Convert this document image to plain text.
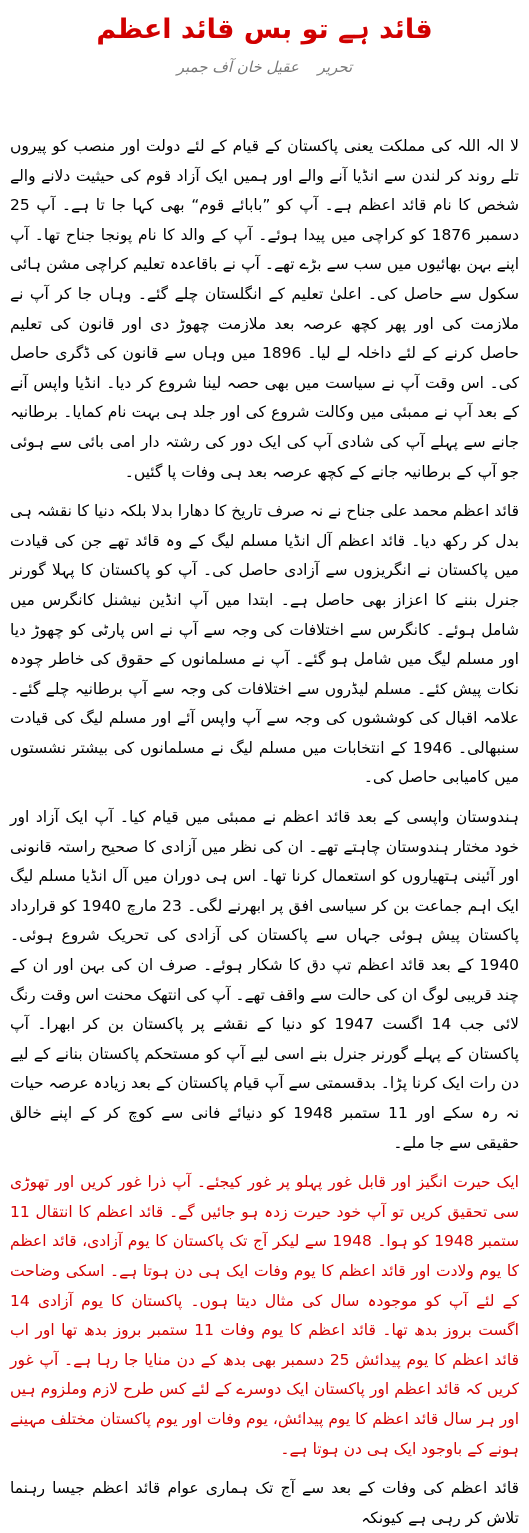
قائد ہے تو بس قائد اعظم
تحریر عقیل خان آف جمبر

لا الہ اللہ کی مملکت یعنی پاکستان کے قیام کے لئے دولت اور منصب کو پیروں تلے روند کر لندن سے انڈیا آنے والے اور ہمیں ایک آزاد قوم کی حیثیت دلانے والے شخص کا نام قائد اعظم ہے۔ آپ کو ”بابائے قوم“ بھی کہا جا تا ہے۔ آپ 25 دسمبر 1876 کو کراچی میں پیدا ہوئے۔ آپ کے والد کا نام پونجا جناح تھا۔ آپ اپنے بہن بھائیوں میں سب سے بڑے تھے۔ آپ نے باقاعدہ تعلیم کراچی مشن ہائی سکول سے حاصل کی۔ اعلیٰ تعلیم کے انگلستان چلے گئے۔ وہاں جا کر آپ نے ملازمت کی اور پھر کچھ عرصہ بعد ملازمت چھوڑ دی اور قانون کی تعلیم حاصل کرنے کے لئے داخلہ لے لیا۔ 1896 میں وہاں سے قانون کی ڈگری حاصل کی۔ اس وقت آپ نے سیاست میں بھی حصہ لینا شروع کر دیا۔ انڈیا واپس آنے کے بعد آپ نے ممبئی میں وکالت شروع کی اور جلد ہی بہت نام کمایا۔ برطانیہ جانے سے پہلے آپ کی شادی آپ کی ایک دور کی رشتہ دار امی بائی سے ہوئی جو آپ کے برطانیہ جانے کے کچھ عرصہ بعد ہی وفات پا گئیں۔

قائد اعظم محمد علی جناح نے نہ صرف تاریخ کا دھارا بدلا بلکہ دنیا کا نقشہ ہی بدل کر رکھ دیا۔ قائد اعظم آل انڈیا مسلم لیگ کے وہ قائد تھے جن کی قیادت میں پاکستان نے انگریزوں سے آزادی حاصل کی۔ آپ کو پاکستان کا پہلا گورنر جنرل بننے کا اعزاز بھی حاصل ہے۔ ابتدا میں آپ انڈین نیشنل کانگرس میں شامل ہوئے۔ کانگرس سے اختلافات کی وجہ سے آپ نے اس پارٹی کو چھوڑ دیا اور مسلم لیگ میں شامل ہو گئے۔ آپ نے مسلمانوں کے حقوق کی خاطر چودہ نکات پیش کئے۔ مسلم لیڈروں سے اختلافات کی وجہ سے آپ برطانیہ چلے گئے۔ علامہ اقبال کی کوششوں کی وجہ سے آپ واپس آئے اور مسلم لیگ کی قیادت سنبھالی۔ 1946 کے انتخابات میں مسلم لیگ نے مسلمانوں کی بیشتر نشستوں میں کامیابی حاصل کی۔

ہندوستان واپسی کے بعد قائد اعظم نے ممبئی میں قیام کیا۔ آپ ایک آزاد اور خود مختار ہندوستان چاہتے تھے۔ ان کی نظر میں آزادی کا صحیح راستہ قانونی اور آئینی ہتھیاروں کو استعمال کرنا تھا۔ اس ہی دوران میں آل انڈیا مسلم لیگ ایک اہم جماعت بن کر سیاسی افق پر ابھرنے لگی۔ 23 مارچ 1940 کو قرارداد پاکستان پیش ہوئی جہاں سے پاکستان کی آزادی کی تحریک شروع ہوئی۔ 1940 کے بعد قائد اعظم تپ دق کا شکار ہوئے۔ صرف ان کی بہن اور ان کے چند قریبی لوگ ان کی حالت سے واقف تھے۔ آپ کی انتھک محنت اس وقت رنگ لائی جب 14 اگست 1947 کو دنیا کے نقشے پر پاکستان بن کر ابھرا۔ آپ پاکستان کے پہلے گورنر جنرل بنے اسی لیے آپ کو مستحکم پاکستان بنانے کے لیے دن رات ایک کرنا پڑا۔ بدقسمتی سے آپ قیام پاکستان کے بعد زیادہ عرصہ حیات نہ رہ سکے اور 11 ستمبر 1948 کو دنیائے فانی سے کوچ کر کے اپنے خالق حقیقی سے جا ملے۔

ایک حیرت انگیز اور قابل غور پہلو پر غور کیجئے۔ آپ ذرا غور کریں اور تھوڑی سی تحقیق کریں تو آپ خود حیرت زدہ ہو جائیں گے۔ قائد اعظم کا انتقال 11 ستمبر 1948 کو ہوا۔ 1948 سے لیکر آج تک پاکستان کا یوم آزادی، قائد اعظم کا یوم ولادت اور قائد اعظم کا یوم وفات ایک ہی دن ہوتا ہے۔ اسکی وضاحت کے لئے آپ کو موجودہ سال کی مثال دیتا ہوں۔ پاکستان کا یوم آزادی 14 اگست بروز بدھ تھا۔ قائد اعظم کا یوم وفات 11 ستمبر بروز بدھ تھا اور اب قائد اعظم کا یوم پیدائش 25 دسمبر بھی بدھ کے دن منایا جا رہا ہے۔ آپ غور کریں کہ قائد اعظم اور پاکستان ایک دوسرے کے لئے کس طرح لازم وملزوم ہیں اور ہر سال قائد اعظم کا یوم پیدائش، یوم وفات اور یوم پاکستان مختلف مہینے ہونے کے باوجود ایک ہی دن ہوتا ہے۔

قائد اعظم کی وفات کے بعد سے آج تک ہماری عوام قائد اعظم جیسا رہنما تلاش کر رہی ہے کیونکہ
